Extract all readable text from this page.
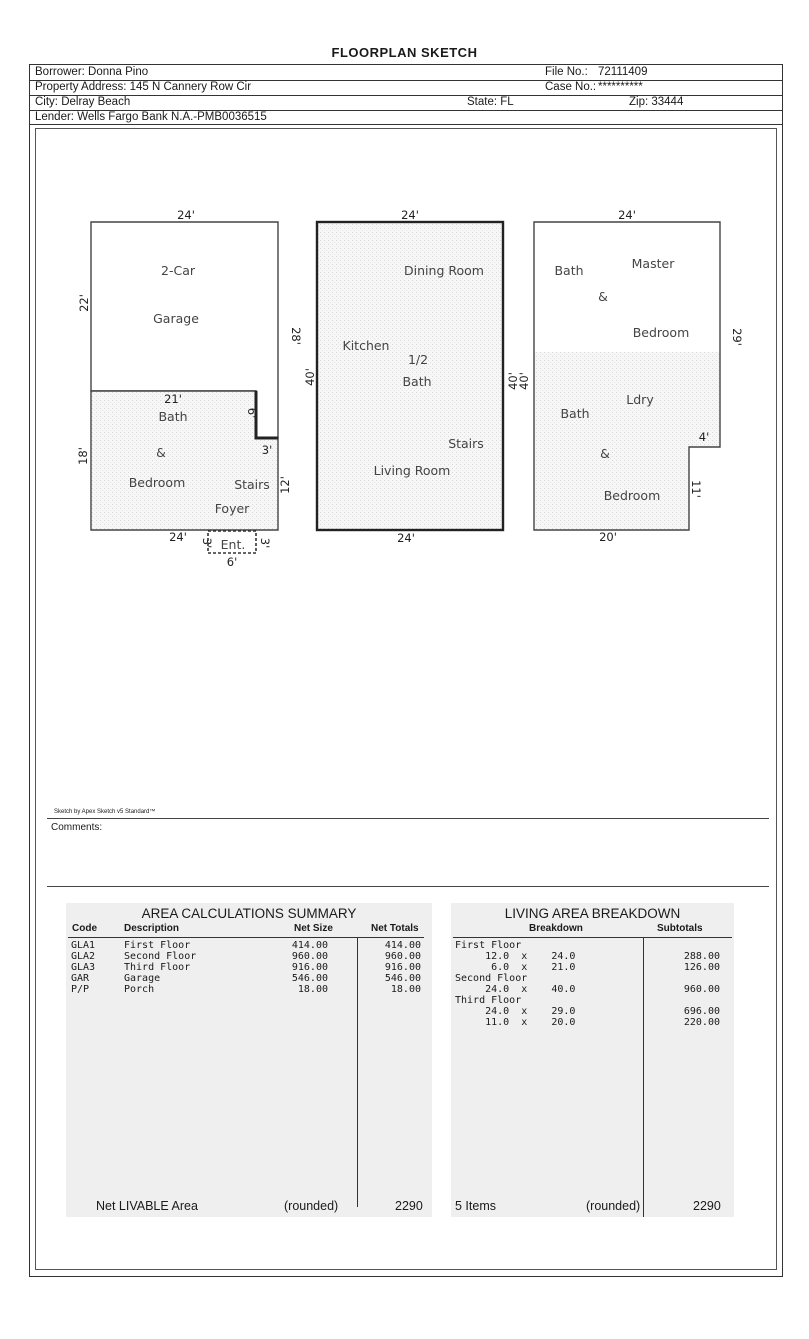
FLOORPLAN SKETCH
Borrower: Donna Pino	File No.: 72111409
Property Address: 145 N Cannery Row Cir	Case No.: **********
City: Delray Beach	State: FL	Zip: 33444
Lender: Wells Fargo Bank N.A.-PMB0036515
24'
22'
28'
21'
6'
3'
18'
12'
24' 3'	3'
6'
2-Car
Garage
Bath
&
Bedroom	Stairs
Foyer
Ent.
24'
40'	40'
24'
Dining Room
Kitchen
1/2
Bath
Stairs
Living Room
24'
40'
29'
4'
11'
20'
Bath	Master
&
Bedroom
Bath
Ldry
&
Bedroom
Sketch by Apex Sketch v5 Standard™
Comments:
AREA CALCULATIONS SUMMARY
Code	Description	Net Size	Net Totals
GLA1	First Floor	414.00	414.00
GLA2	Second Floor	960.00	960.00
GLA3	Third Floor	916.00	916.00
GAR	Garage	546.00	546.00
P/P	Porch	18.00	18.00
Net LIVABLE Area	(rounded)	2290
LIVING AREA BREAKDOWN
Breakdown	Subtotals
First Floor
12.0  x    24.0	288.00
6.0  x    21.0	126.00
Second Floor
24.0  x    40.0	960.00
Third Floor
24.0  x    29.0	696.00
11.0  x    20.0	220.00
5 Items	(rounded)	2290
